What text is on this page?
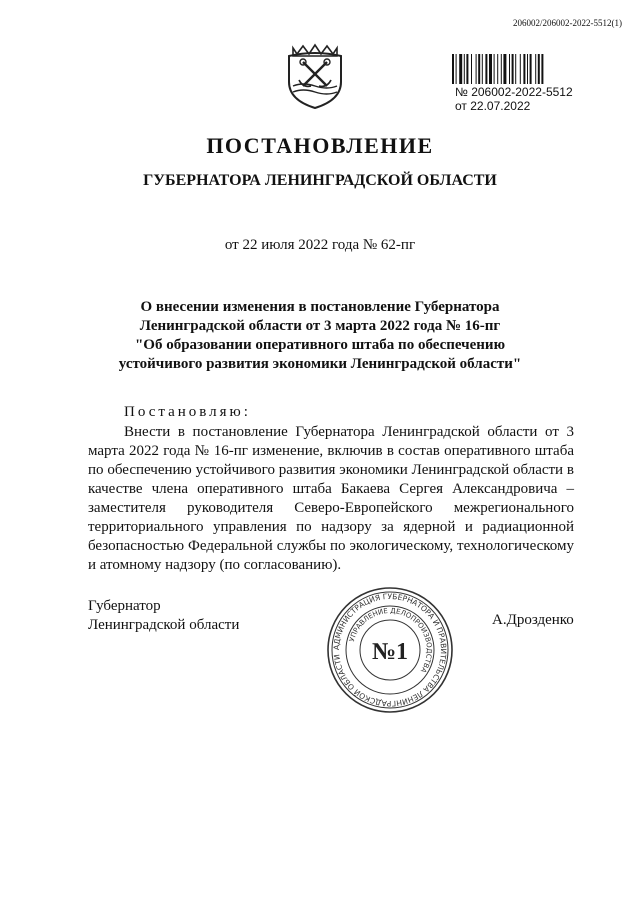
206002/206002-2022-5512(1)
№ 206002-2022-5512
от 22.07.2022
ПОСТАНОВЛЕНИЕ
ГУБЕРНАТОРА ЛЕНИНГРАДСКОЙ ОБЛАСТИ
от 22 июля 2022 года № 62-пг
О внесении изменения в постановление Губернатора
Ленинградской области от 3 марта 2022 года № 16-пг
"Об образовании оперативного штаба по обеспечению
устойчивого развития экономики Ленинградской области"
Постановляю:
Внести в постановление Губернатора Ленинградской области от 3 марта 2022 года № 16-пг изменение, включив в состав оперативного штаба по обеспечению устойчивого развития экономики Ленинградской области в качестве члена оперативного штаба Бакаева Сергея Александровича – заместителя руководителя Северо-Европейского межрегионального территориального управления по надзору за ядерной и радиационной безопасностью Федеральной службы по экологическому, технологическому и атомному надзору (по согласованию).
Губернатор
Ленинградской области	А.Дрозденко
АДМИНИСТРАЦИЯ ГУБЕРНАТОРА И ПРАВИТЕЛЬСТВА ЛЕНИНГРАДСКОЙ ОБЛАСТИ
УПРАВЛЕНИЕ ДЕЛОПРОИЗВОДСТВА
№1
